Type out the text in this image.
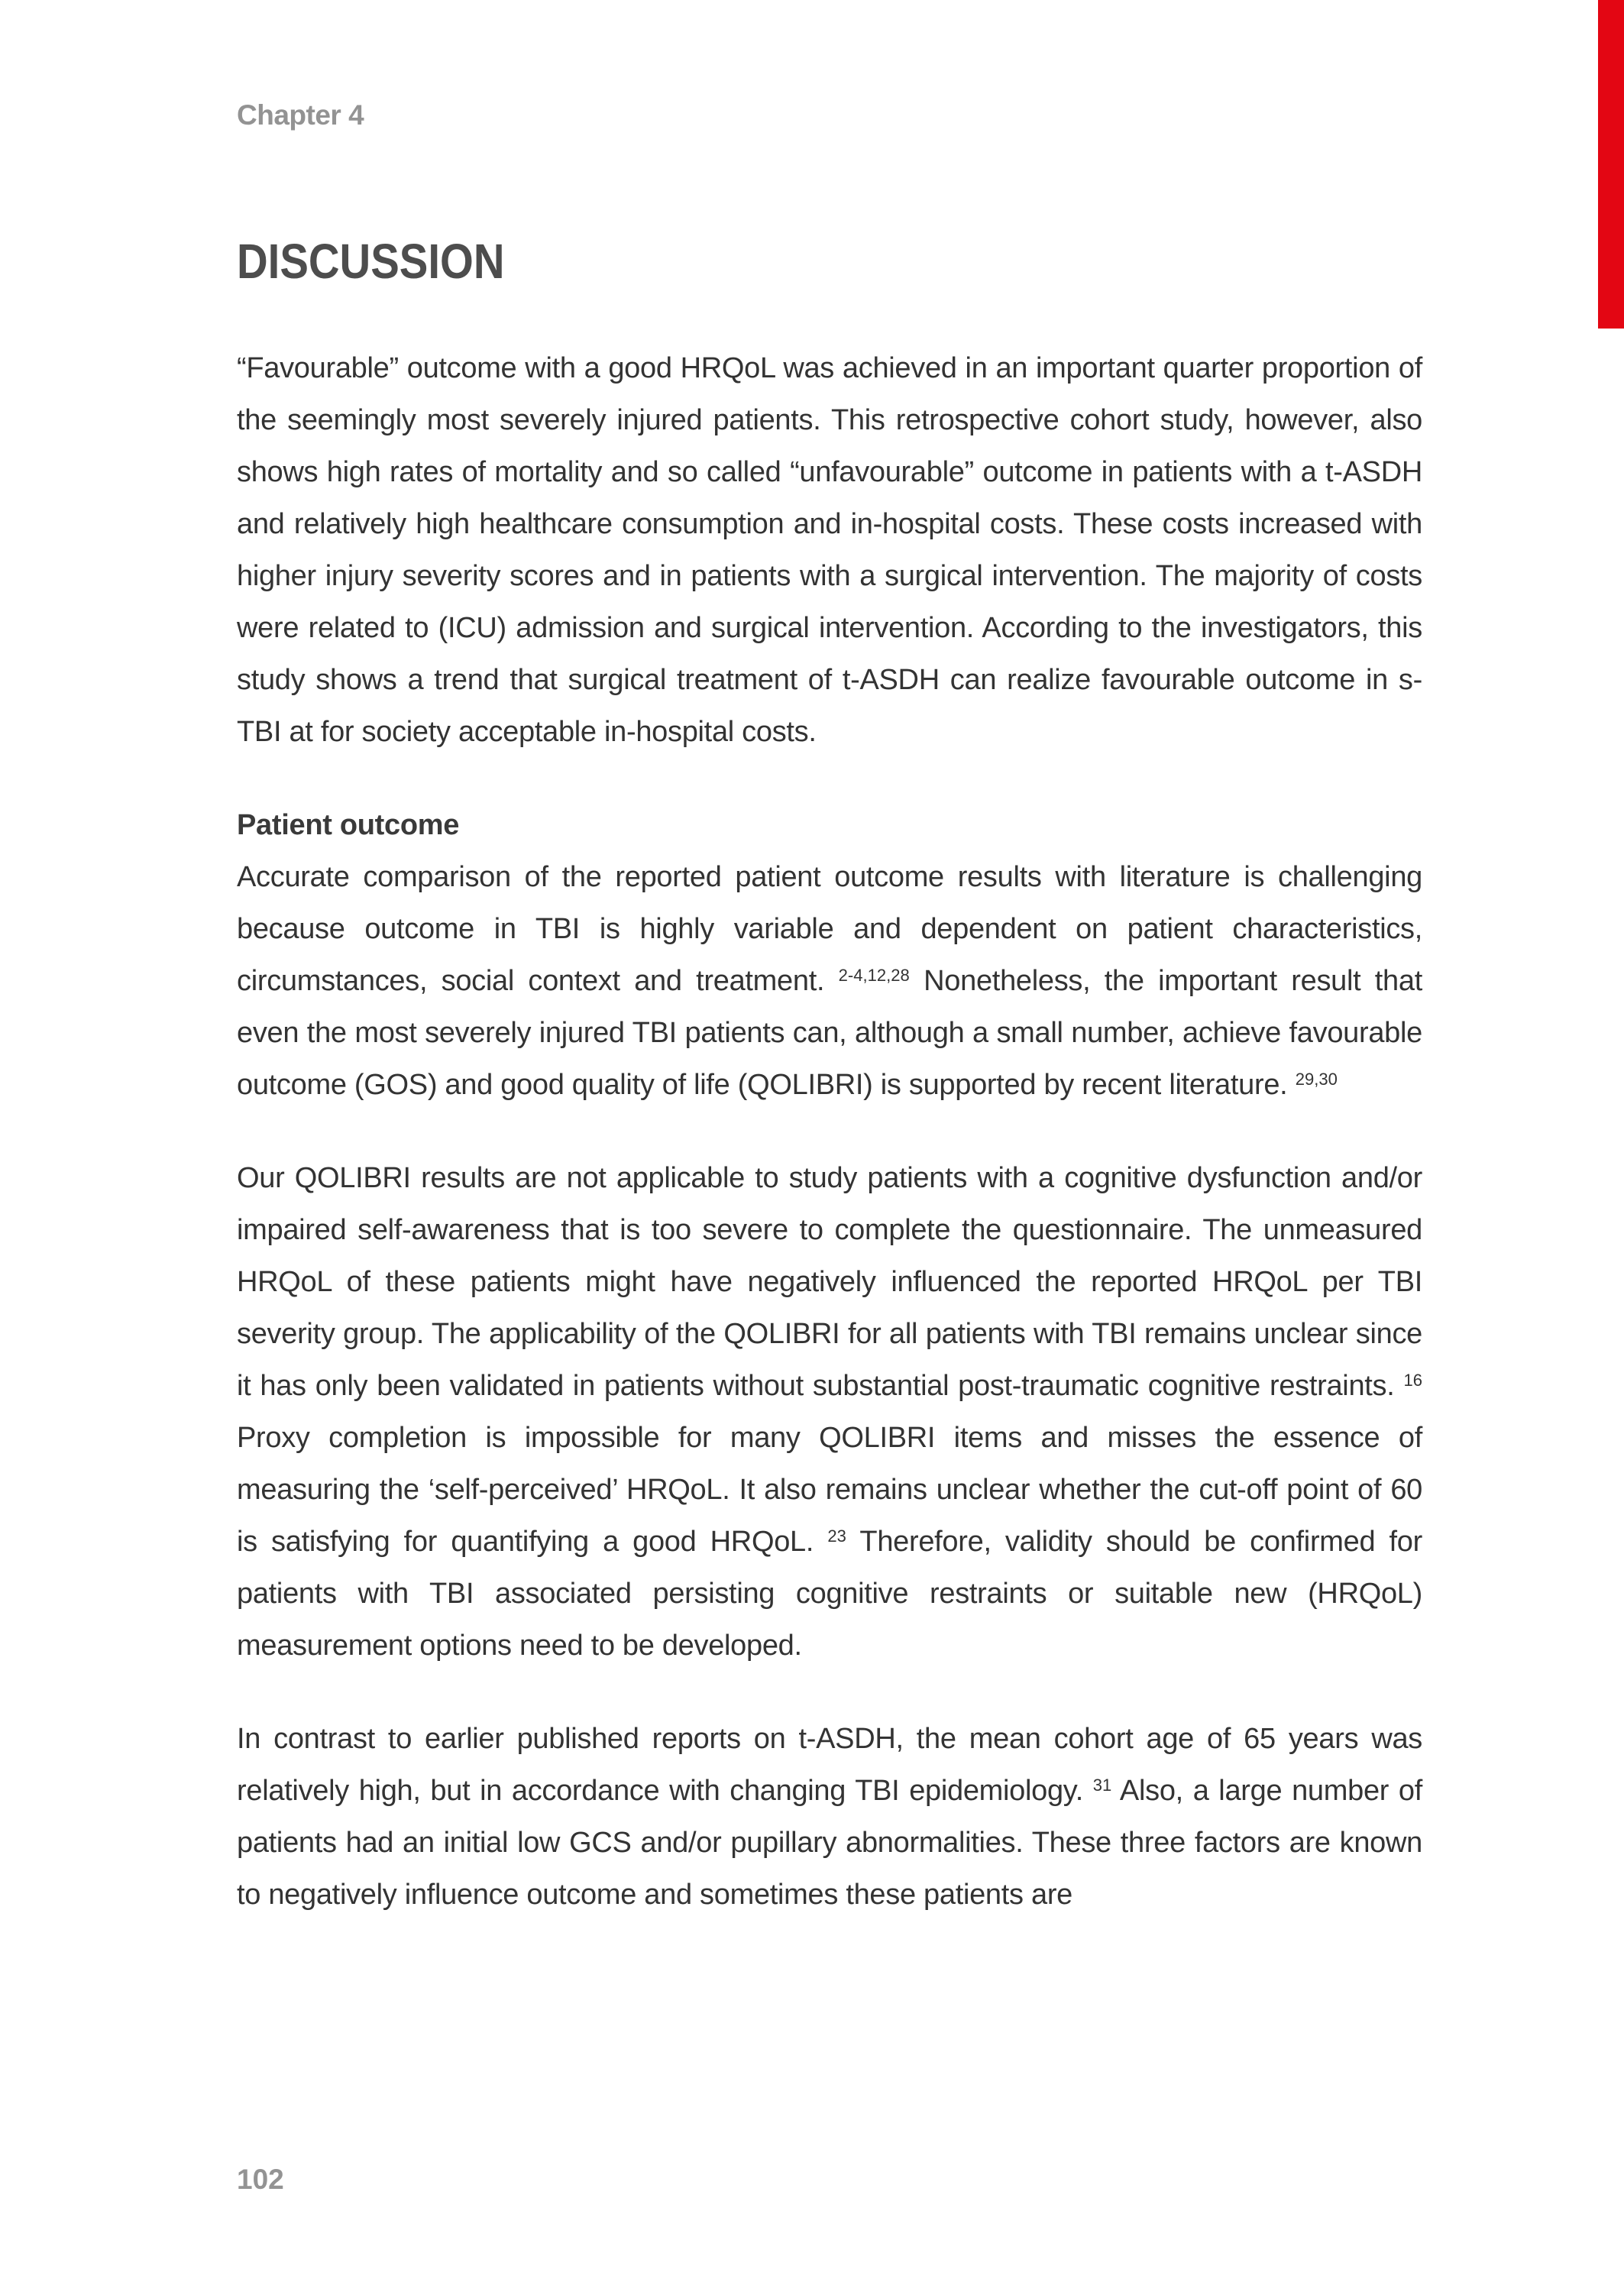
Chapter 4
DISCUSSION

“Favourable” outcome with a good HRQoL was achieved in an important quarter proportion of the seemingly most severely injured patients. This retrospective cohort study, however, also shows high rates of mortality and so called “unfavourable” outcome in patients with a t-ASDH and relatively high healthcare consumption and in-hospital costs. These costs increased with higher injury severity scores and in patients with a surgical intervention. The majority of costs were related to (ICU) admission and surgical intervention. According to the investigators, this study shows a trend that surgical treatment of t-ASDH can realize favourable outcome in s-TBI at for society acceptable in-hospital costs.

Patient outcome

Accurate comparison of the reported patient outcome results with literature is challenging because outcome in TBI is highly variable and dependent on patient characteristics, circumstances, social context and treatment. $^{2-4,12,28}$ Nonetheless, the important result that even the most severely injured TBI patients can, although a small number, achieve favourable outcome (GOS) and good quality of life (QOLIBRI) is supported by recent literature. $^{29,30}$

Our QOLIBRI results are not applicable to study patients with a cognitive dysfunction and/or impaired self-awareness that is too severe to complete the questionnaire. The unmeasured HRQoL of these patients might have negatively influenced the reported HRQoL per TBI severity group. The applicability of the QOLIBRI for all patients with TBI remains unclear since it has only been validated in patients without substantial post-traumatic cognitive restraints. $^{16}$ Proxy completion is impossible for many QOLIBRI items and misses the essence of measuring the ‘self-perceived’ HRQoL. It also remains unclear whether the cut-off point of 60 is satisfying for quantifying a good HRQoL. $^{23}$ Therefore, validity should be confirmed for patients with TBI associated persisting cognitive restraints or suitable new (HRQoL) measurement options need to be developed.

In contrast to earlier published reports on t-ASDH, the mean cohort age of 65 years was relatively high, but in accordance with changing TBI epidemiology. $^{31}$ Also, a large number of patients had an initial low GCS and/or pupillary abnormalities. These three factors are known to negatively influence outcome and sometimes these patients are

102
